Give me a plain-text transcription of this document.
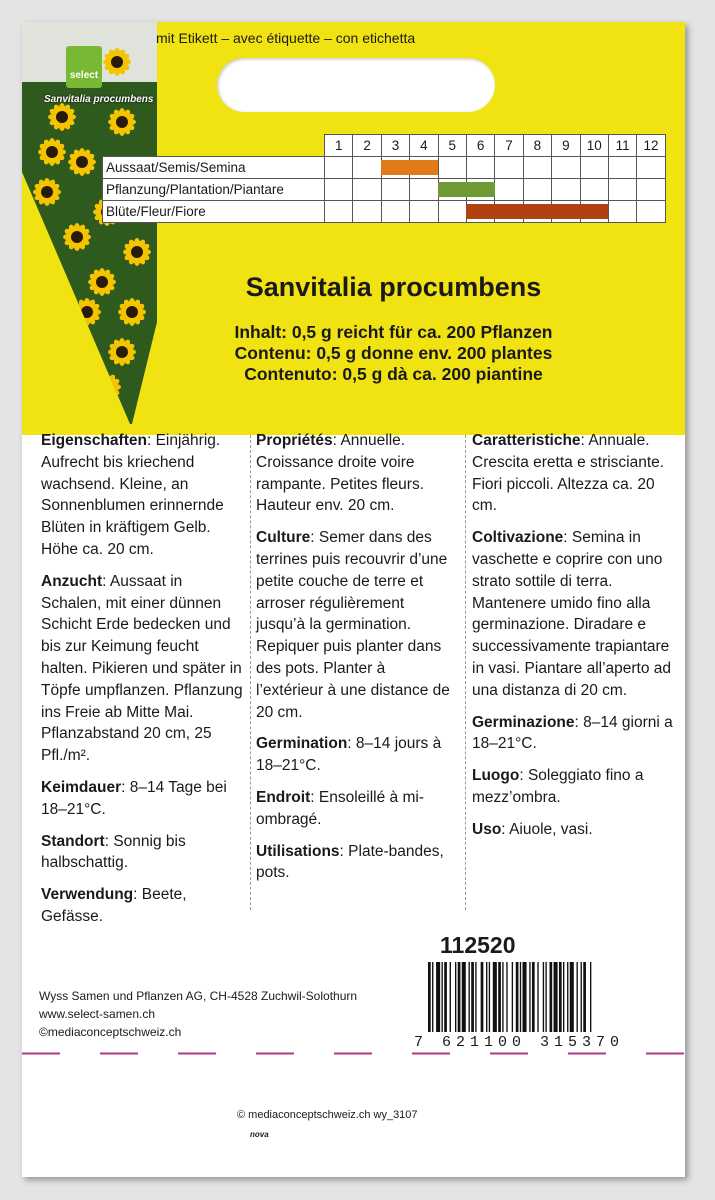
select
Sanvitalia procumbens
mit Etikett – avec étiquette – con etichetta
	1	2	3	4	5	6	7	8	9	10	11	12
Aussaat/Semis/Semina												
Pflanzung/Plantation/Piantare												
Blüte/Fleur/Fiore												
Sanvitalia procumbens
Inhalt: 0,5 g reicht für ca. 200 Pflanzen
Contenu: 0,5 g donne env. 200 plantes
Contenuto: 0,5 g dà ca. 200 piantine

Eigenschaften: Einjährig. Aufrecht bis kriechend wachsend. Kleine, an Sonnenblumen erinnernde Blüten in kräftigem Gelb. Höhe ca. 20 cm.

Anzucht: Aussaat in Schalen, mit einer dünnen Schicht Erde bedecken und bis zur Keimung feucht halten. Pikieren und später in Töpfe umpflanzen. Pflanzung ins Freie ab Mitte Mai. Pflanzabstand 20 cm, 25 Pfl./m².

Keimdauer: 8–14 Tage bei 18–21°C.

Standort: Sonnig bis halbschattig.

Verwendung: Beete, Gefässe.

Propriétés: Annuelle. Croissance droite voire rampante. Petites fleurs. Hauteur env. 20 cm.

Culture: Semer dans des terrines puis recouvrir d’une petite couche de terre et arroser régulièrement jusqu’à la germination. Repiquer puis planter dans des pots. Planter à l’extérieur à une distance de 20 cm.

Germination: 8–14 jours à 18–21°C.

Endroit: Ensoleillé à mi-ombragé.

Utilisations: Plate-bandes, pots.

Caratteristiche: Annuale. Crescita eretta e strisciante. Fiori piccoli. Altezza ca. 20 cm.

Coltivazione: Semina in vaschette e coprire con uno strato sottile di terra. Mantenere umido fino alla germinazione. Diradare e successivamente trapiantare in vasi. Piantare all’aperto ad una distanza di 20 cm.

Germinazione: 8–14 giorni a 18–21°C.

Luogo: Soleggiato fino a mezz’ombra.

Uso: Aiuole, vasi.

112520
Wyss Samen und Pflanzen AG, CH-4528 Zuchwil-Solothurn
www.select-samen.ch
©mediaconceptschweiz.ch
7 621100 315370
© mediaconceptschweiz.ch wy_3107
nova
